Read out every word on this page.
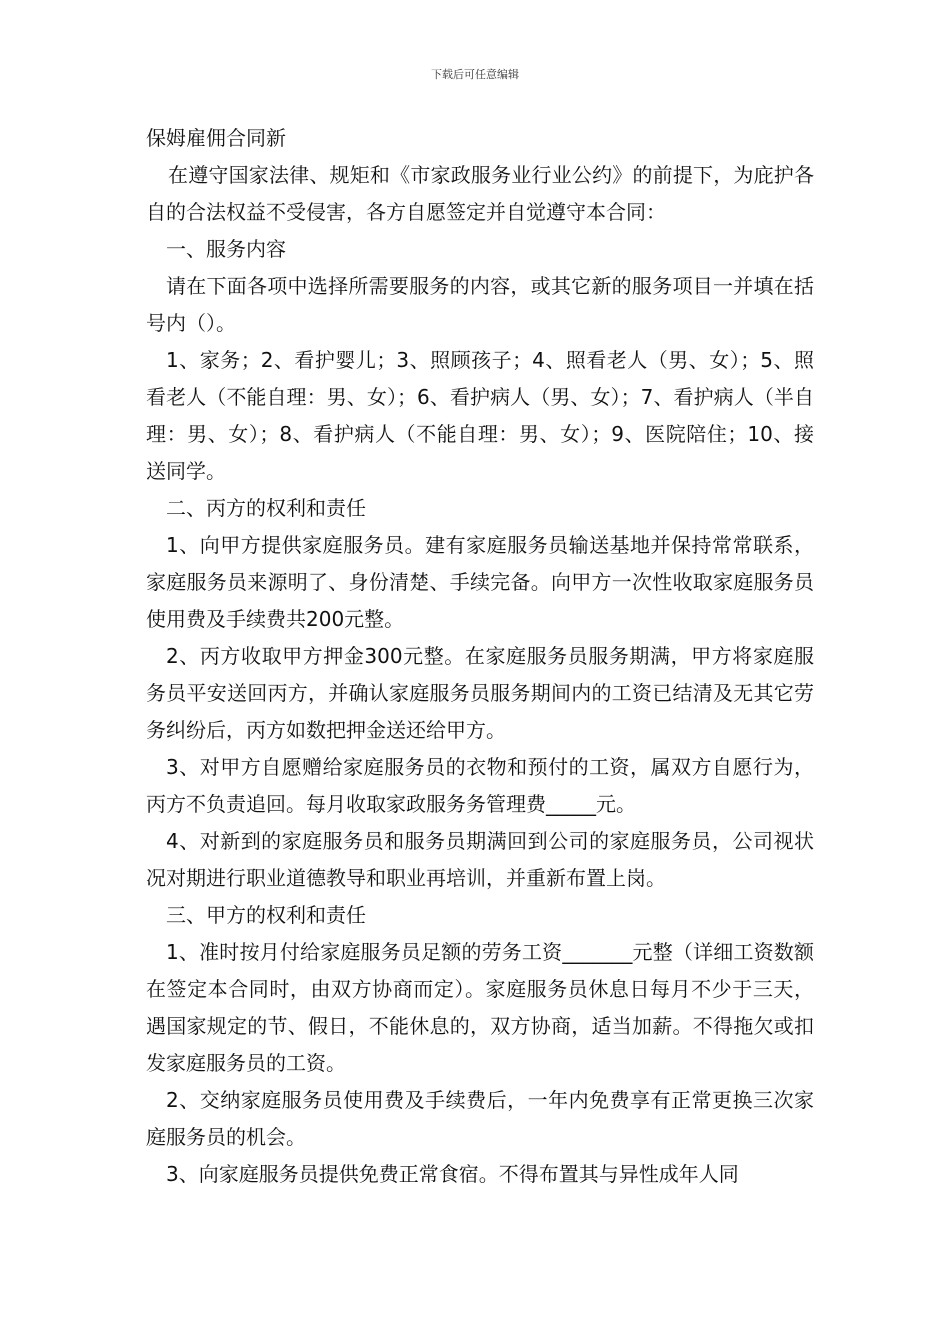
下载后可任意编辑

保姆雇佣合同新

在遵守国家法律、规矩和《市家政服务业行业公约》的前提下，为庇护各自的合法权益不受侵害，各方自愿签定并自觉遵守本合同：

一、服务内容

请在下面各项中选择所需要服务的内容，或其它新的服务项目一并填在括号内（）。

1、家务；2、看护婴儿；3、照顾孩子；4、照看老人（男、女）；5、照看老人（不能自理：男、女）；6、看护病人（男、女）；7、看护病人（半自理：男、女）；8、看护病人（不能自理：男、女）；9、医院陪住；10、接送同学。

二、丙方的权利和责任

1、向甲方提供家庭服务员。建有家庭服务员输送基地并保持常常联系，家庭服务员来源明了、身份清楚、手续完备。向甲方一次性收取家庭服务员使用费及手续费共200元整。

2、丙方收取甲方押金300元整。在家庭服务员服务期满，甲方将家庭服务员平安送回丙方，并确认家庭服务员服务期间内的工资已结清及无其它劳务纠纷后，丙方如数把押金送还给甲方。

3、对甲方自愿赠给家庭服务员的衣物和预付的工资，属双方自愿行为，丙方不负责追回。每月收取家政服务务管理费_____元。

4、对新到的家庭服务员和服务员期满回到公司的家庭服务员，公司视状况对期进行职业道德教导和职业再培训，并重新布置上岗。

三、甲方的权利和责任

1、准时按月付给家庭服务员足额的劳务工资_______元整（详细工资数额在签定本合同时，由双方协商而定）。家庭服务员休息日每月不少于三天，遇国家规定的节、假日，不能休息的，双方协商，适当加薪。不得拖欠或扣发家庭服务员的工资。

2、交纳家庭服务员使用费及手续费后，一年内免费享有正常更换三次家庭服务员的机会。

3、向家庭服务员提供免费正常食宿。不得布置其与异性成年人同
